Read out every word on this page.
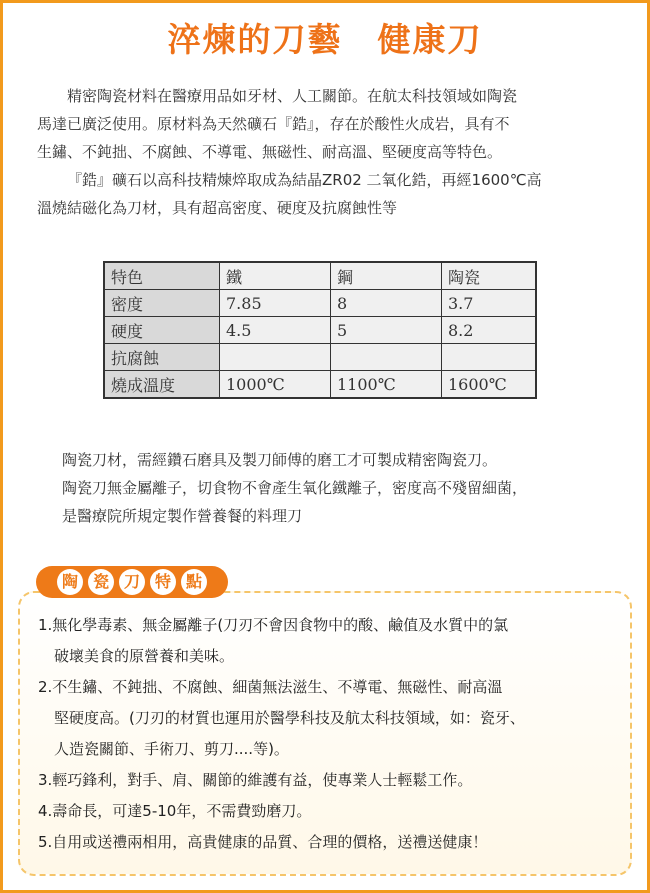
淬煉的刀藝　健康刀

精密陶瓷材料在醫療用品如牙材、人工關節。在航太科技領域如陶瓷

馬達已廣泛使用。原材料為天然礦石『鋯』，存在於酸性火成岩，具有不

生鏽、不鈍拙、不腐蝕、不導電、無磁性、耐高溫、堅硬度高等特色。

『鋯』礦石以高科技精煉焠取成為結晶ZR02 二氧化鋯，再經1600℃高

溫燒結磁化為刀材，具有超高密度、硬度及抗腐蝕性等

特色	鐵	鋼	陶瓷
密度	7.85	8	3.7
硬度	4.5	5	8.2
抗腐蝕			
燒成溫度	1000℃	1100℃	1600℃

陶瓷刀材，需經鑽石磨具及製刀師傅的磨工才可製成精密陶瓷刀。

陶瓷刀無金屬離子，切食物不會產生氧化鐵離子，密度高不殘留細菌，

是醫療院所規定製作營養餐的料理刀

陶 瓷 刀 特 點

1.無化學毒素、無金屬離子(刀刃不會因食物中的酸、鹼值及水質中的氯

破壞美食的原營養和美味。

2.不生鏽、不鈍拙、不腐蝕、細菌無法滋生、不導電、無磁性、耐高溫

堅硬度高。(刀刃的材質也運用於醫學科技及航太科技領域，如：瓷牙、

人造瓷關節、手術刀、剪刀....等)。

3.輕巧鋒利，對手、肩、關節的維護有益，使專業人士輕鬆工作。

4.壽命長，可達5-10年，不需費勁磨刀。

5.自用或送禮兩相用，高貴健康的品質、合理的價格，送禮送健康！
